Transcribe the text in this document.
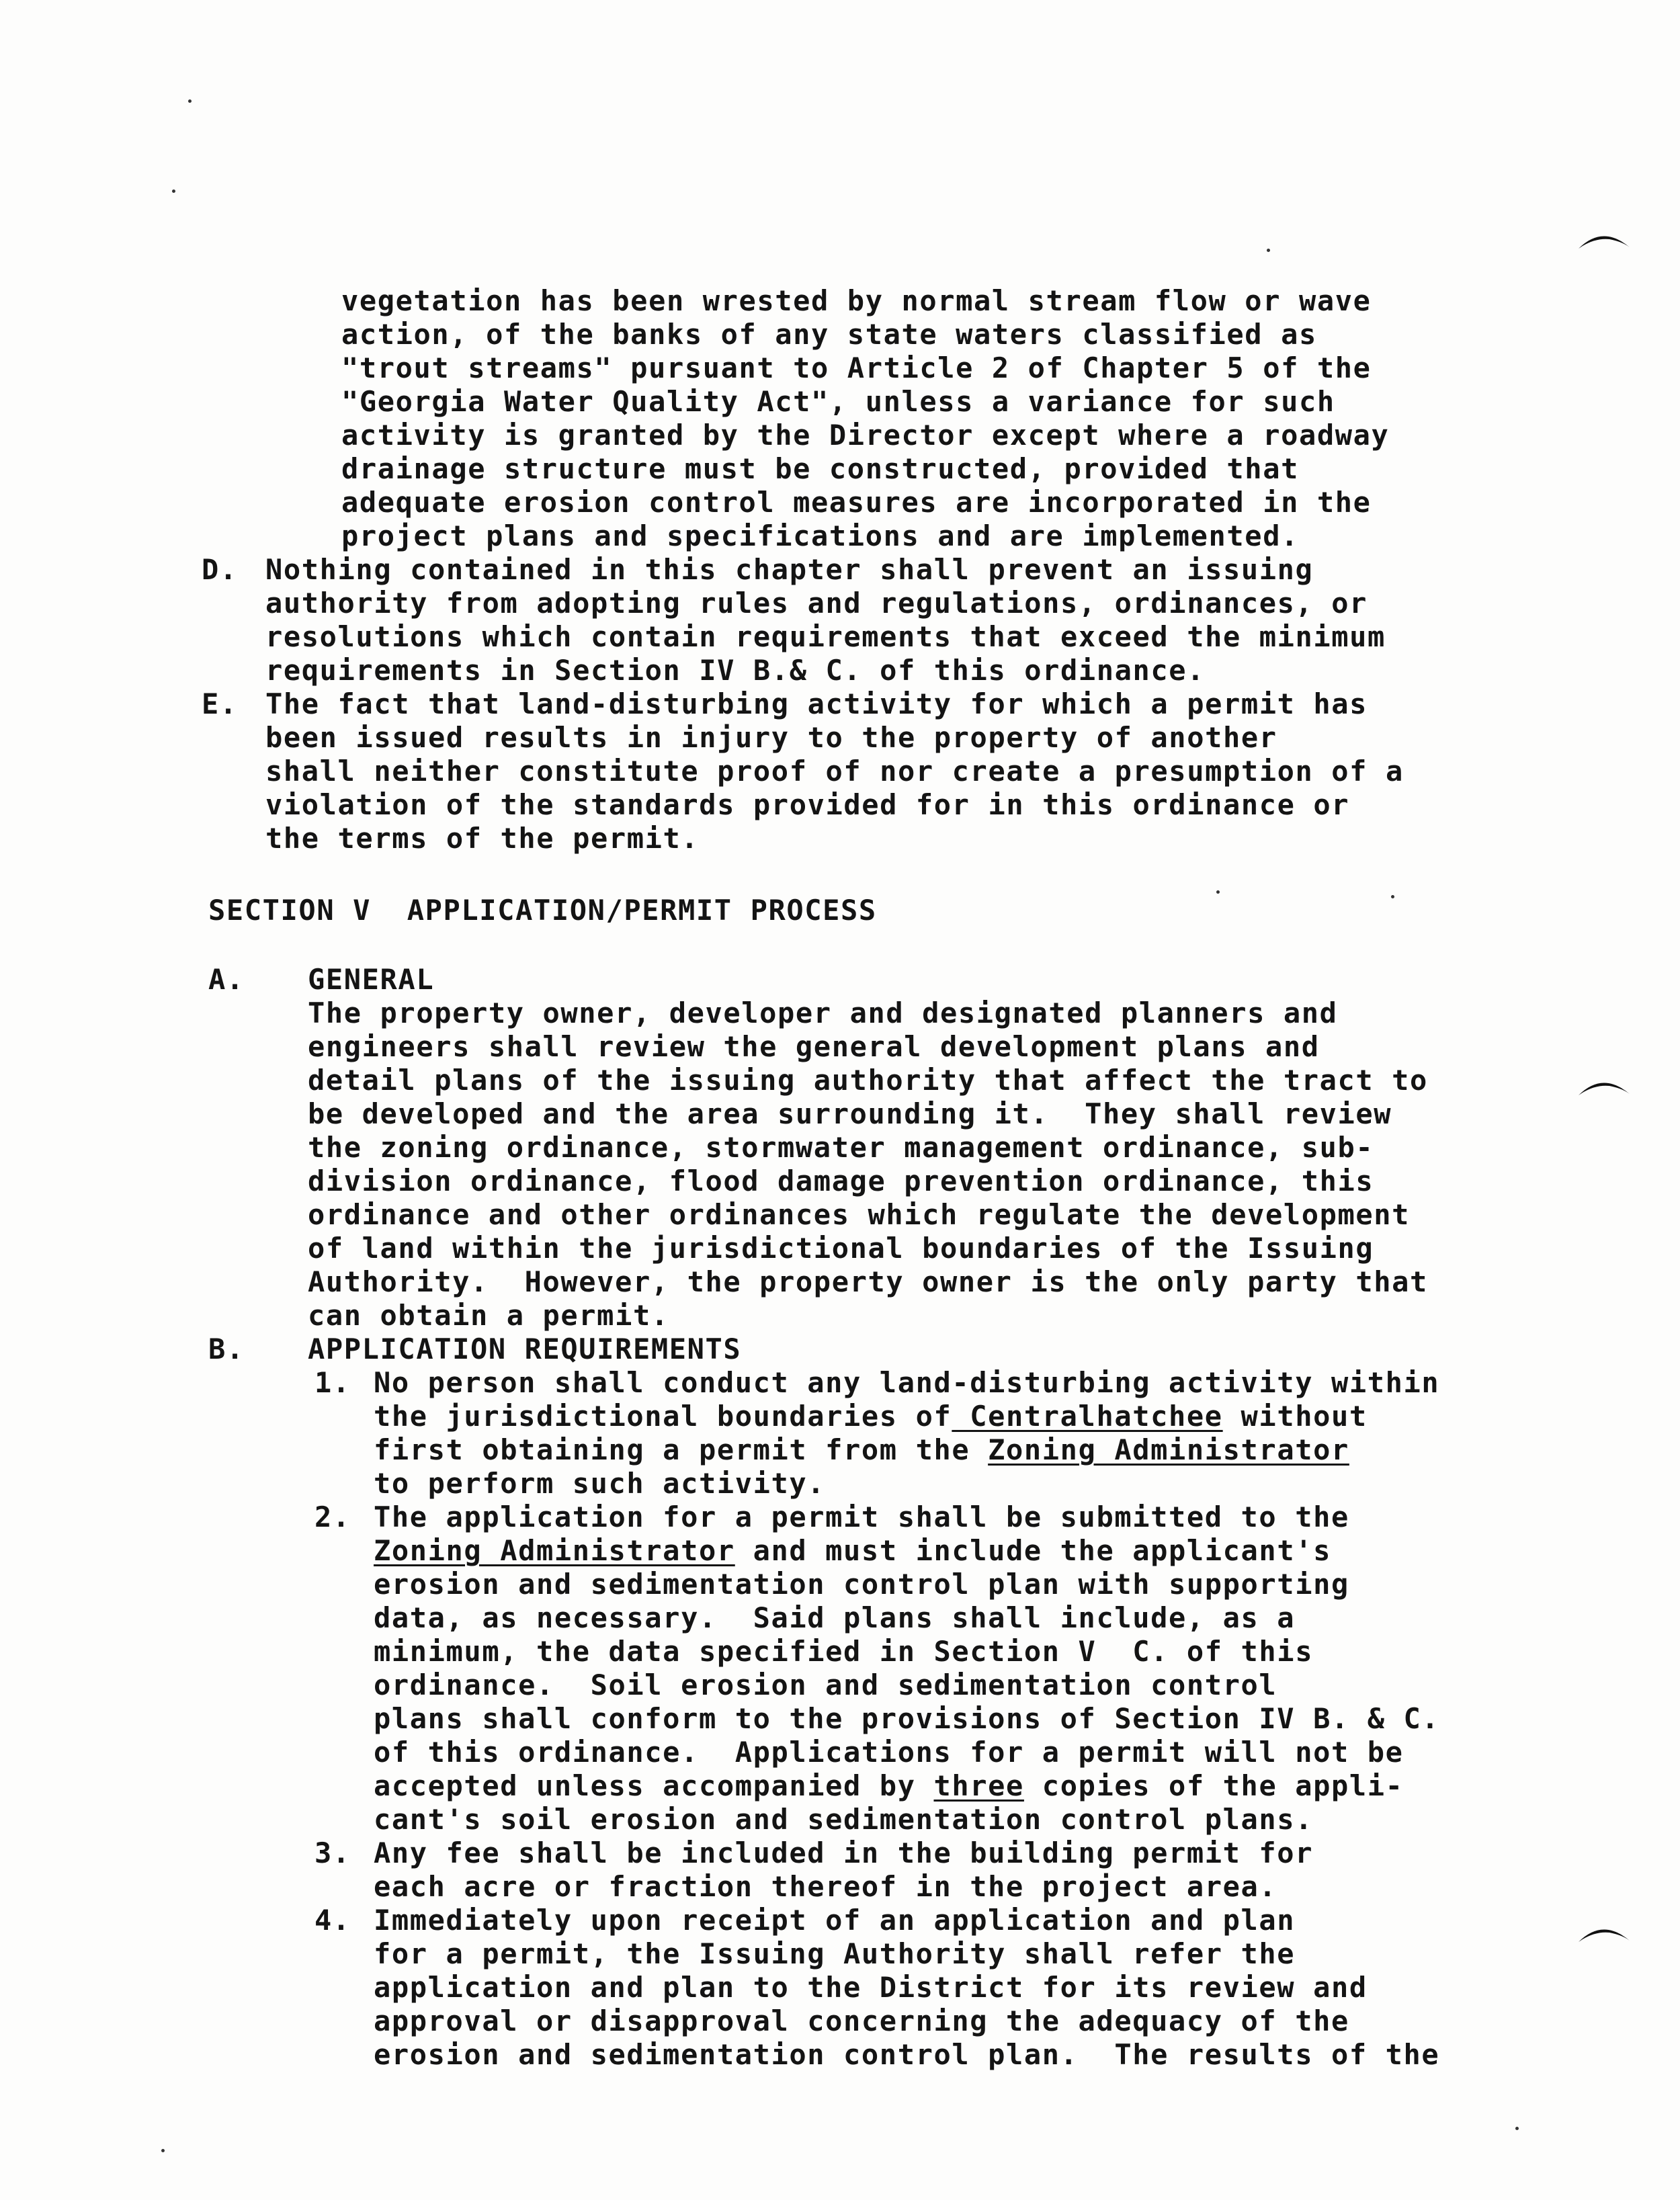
vegetation has been wrested by normal stream flow or wave
action, of the banks of any state waters classified as
"trout streams" pursuant to Article 2 of Chapter 5 of the
"Georgia Water Quality Act", unless a variance for such
activity is granted by the Director except where a roadway
drainage structure must be constructed, provided that
adequate erosion control measures are incorporated in the
project plans and specifications and are implemented.
D. Nothing contained in this chapter shall prevent an issuing
authority from adopting rules and regulations, ordinances, or
resolutions which contain requirements that exceed the minimum
requirements in Section IV B.& C. of this ordinance.
E. The fact that land-disturbing activity for which a permit has
been issued results in injury to the property of another
shall neither constitute proof of nor create a presumption of a
violation of the standards provided for in this ordinance or
the terms of the permit.
SECTION V  APPLICATION/PERMIT PROCESS
A. GENERAL
The property owner, developer and designated planners and
engineers shall review the general development plans and
detail plans of the issuing authority that affect the tract to
be developed and the area surrounding it.  They shall review
the zoning ordinance, stormwater management ordinance, sub-
division ordinance, flood damage prevention ordinance, this
ordinance and other ordinances which regulate the development
of land within the jurisdictional boundaries of the Issuing
Authority.  However, the property owner is the only party that
can obtain a permit.
B. APPLICATION REQUIREMENTS
1. No person shall conduct any land-disturbing activity within
the jurisdictional boundaries of Centralhatchee without
first obtaining a permit from the Zoning Administrator
to perform such activity.
2. The application for a permit shall be submitted to the
Zoning Administrator and must include the applicant's
erosion and sedimentation control plan with supporting
data, as necessary.  Said plans shall include, as a
minimum, the data specified in Section V  C. of this
ordinance.  Soil erosion and sedimentation control
plans shall conform to the provisions of Section IV B. & C.
of this ordinance.  Applications for a permit will not be
accepted unless accompanied by three copies of the appli-
cant's soil erosion and sedimentation control plans.
3. Any fee shall be included in the building permit for
each acre or fraction thereof in the project area.
4. Immediately upon receipt of an application and plan
for a permit, the Issuing Authority shall refer the
application and plan to the District for its review and
approval or disapproval concerning the adequacy of the
erosion and sedimentation control plan.  The results of the
